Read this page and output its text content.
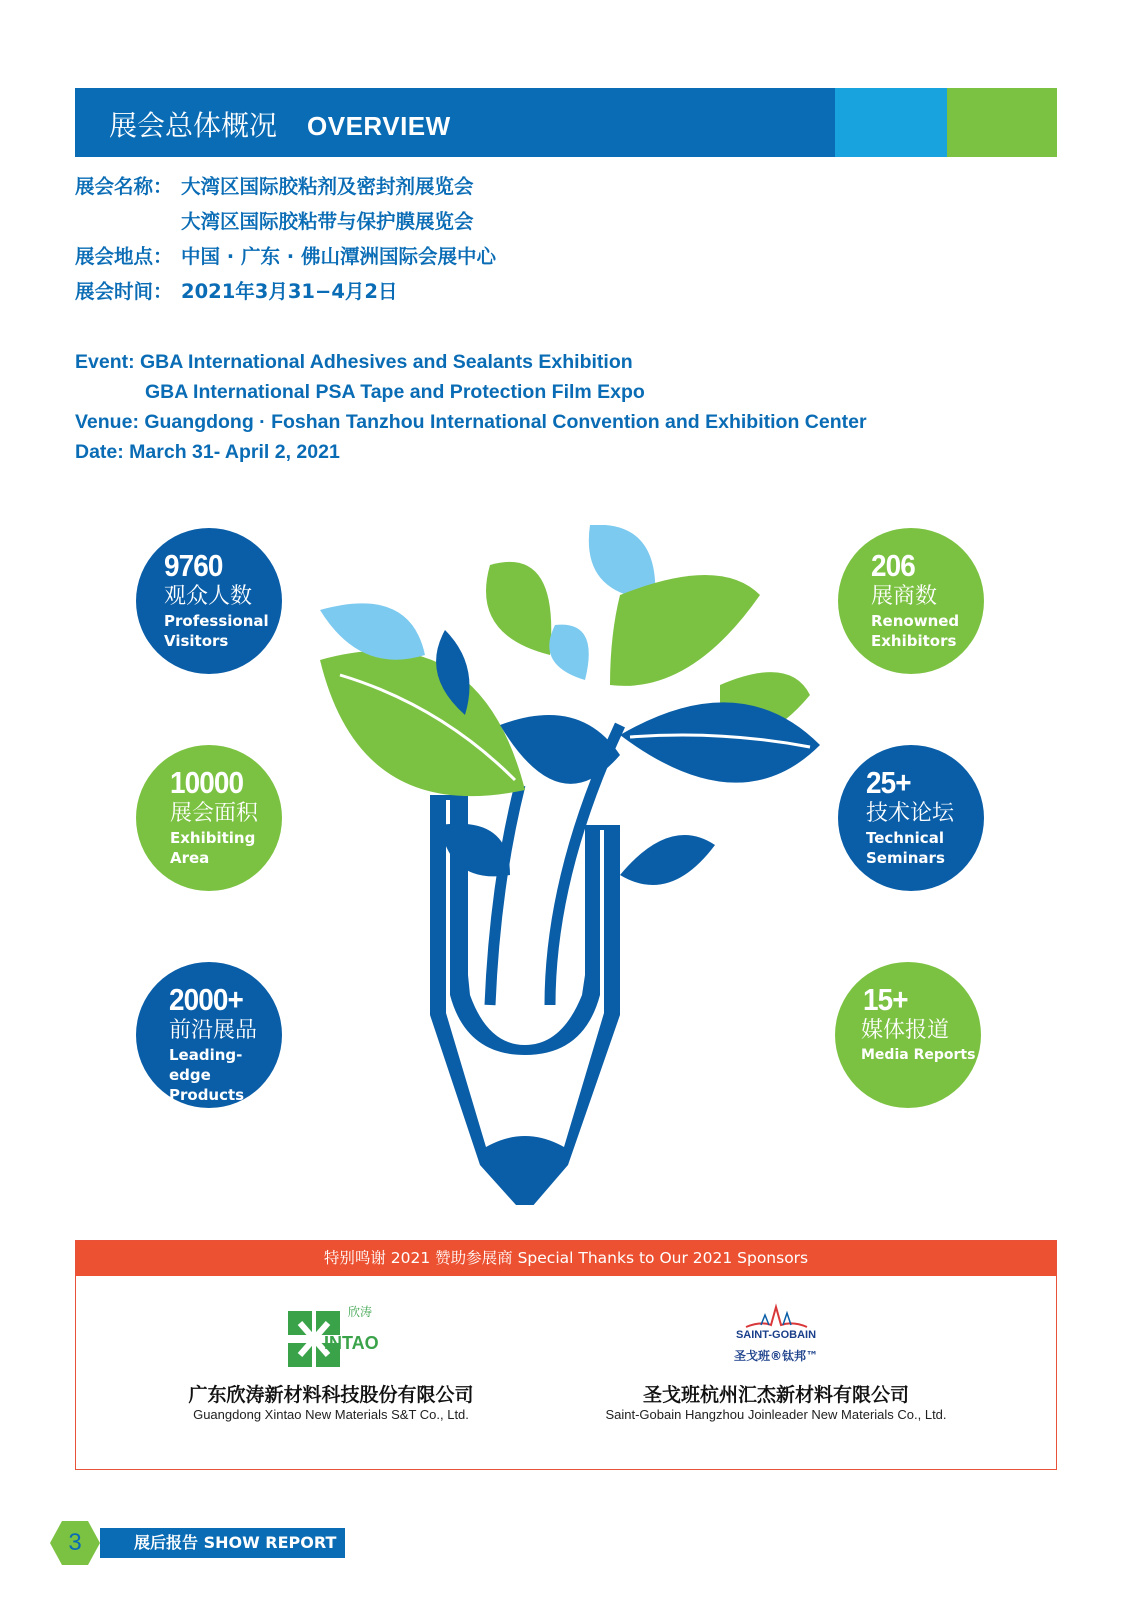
展会总体概况 OVERVIEW
展会名称： 大湾区国际胶粘剂及密封剂展览会
大湾区国际胶粘带与保护膜展览会
展会地点： 中国 · 广东 · 佛山潭洲国际会展中心
展会时间： 2021年3月31−4月2日
Event: GBA International Adhesives and Sealants Exhibition
GBA International PSA Tape and Protection Film Expo
Venue: Guangdong · Foshan Tanzhou International Convention and Exhibition Center
Date: March 31- April 2, 2021
9760
观众人数
Professional
Visitors
206
展商数
Renowned
Exhibitors
10000
展会面积
Exhibiting
Area
25+
技术论坛
Technical
Seminars
2000+
前沿展品
Leading-edge
Products
15+
媒体报道
Media Reports
特别鸣谢 2021 赞助参展商 Special Thanks to Our 2021 Sponsors
欣涛
INTAO
广东欣涛新材料科技股份有限公司
Guangdong Xintao New Materials S&T Co., Ltd.
SAINT-GOBAIN
圣戈班®钛邦™
圣戈班杭州汇杰新材料有限公司
Saint-Gobain Hangzhou Joinleader New Materials Co., Ltd.
3	展后报告 SHOW REPORT
